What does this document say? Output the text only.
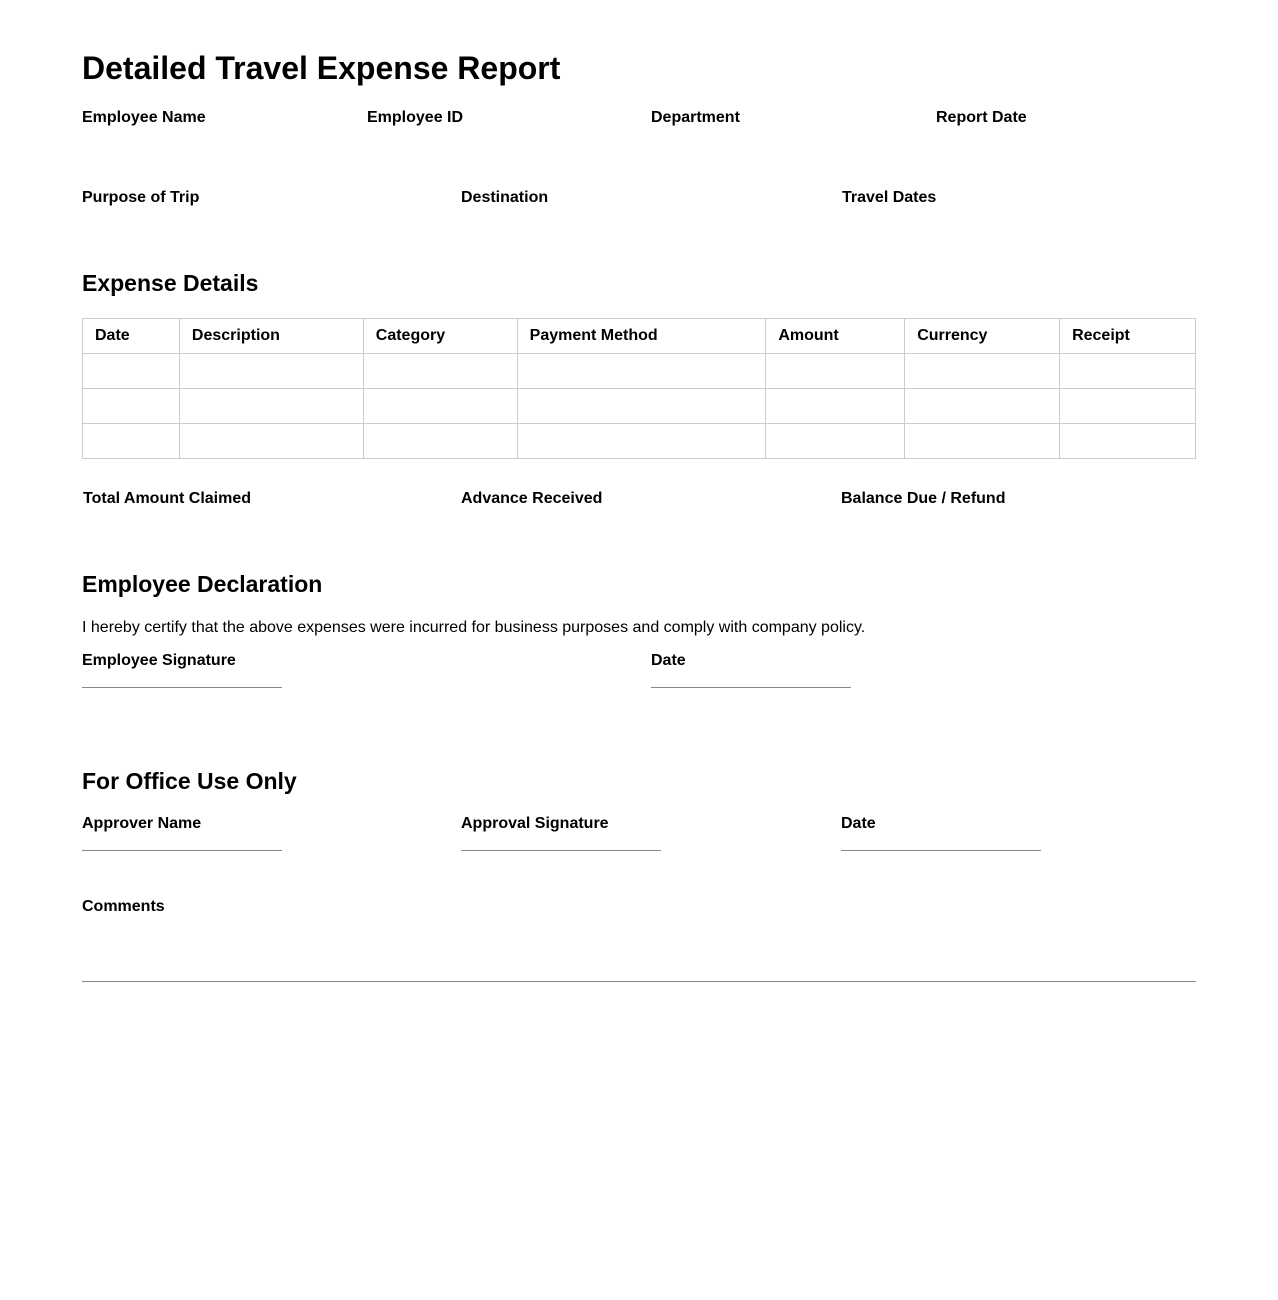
Detailed Travel Expense Report
Employee Name	Employee ID	Department	Report Date
Purpose of Trip	Destination	Travel Dates
Expense Details
Date	Description	Category	Payment Method	Amount	Currency	Receipt

Total Amount Claimed	Advance Received	Balance Due / Refund
Employee Declaration
I hereby certify that the above expenses were incurred for business purposes and comply with company policy.
Employee Signature	Date
For Office Use Only
Approver Name	Approval Signature	Date
Comments
